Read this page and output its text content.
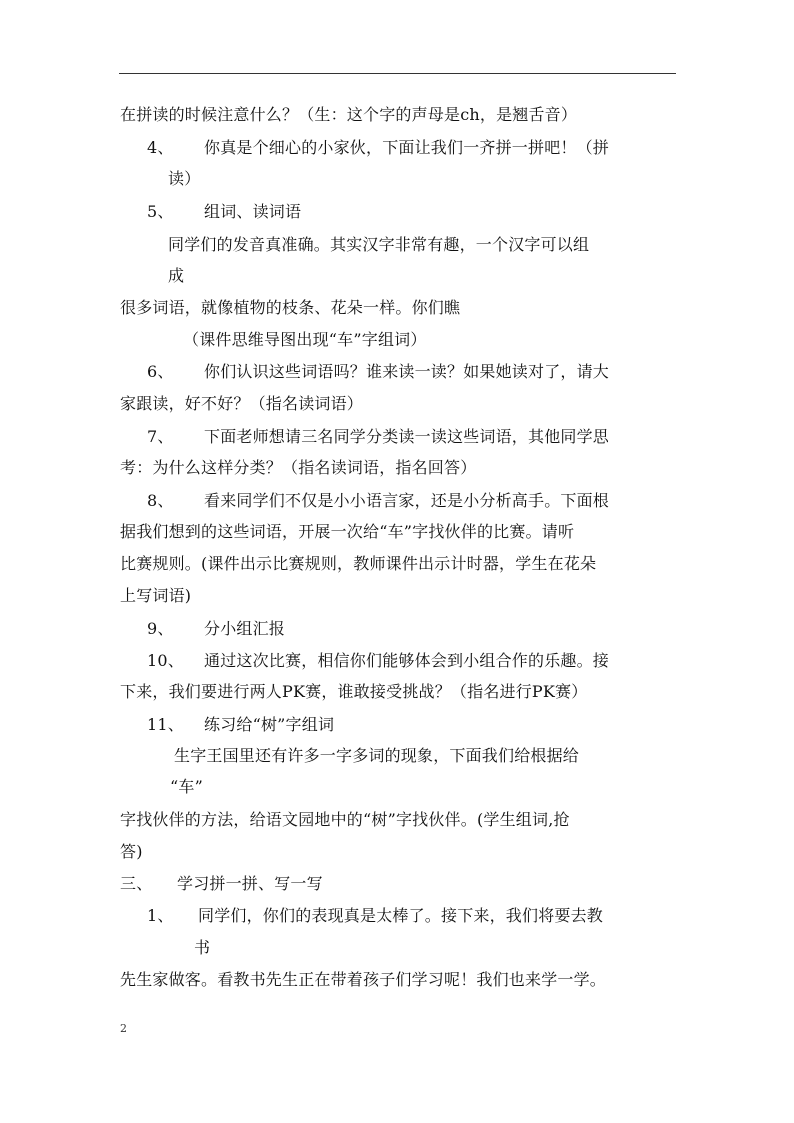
在拼读的时候注意什么？（生：这个字的声母是ch，是翘舌音）
4、 你真是个细心的小家伙，下面让我们一齐拼一拼吧！（拼
读）
5、 组词、读词语
同学们的发音真准确。其实汉字非常有趣，一个汉字可以组
成
很多词语，就像植物的枝条、花朵一样。你们瞧
（课件思维导图出现“车”字组词）
6、 你们认识这些词语吗？谁来读一读？如果她读对了，请大
家跟读，好不好？（指名读词语）
7、 下面老师想请三名同学分类读一读这些词语，其他同学思
考：为什么这样分类？（指名读词语，指名回答）
8、 看来同学们不仅是小小语言家，还是小分析高手。下面根
据我们想到的这些词语，开展一次给“车”字找伙伴的比赛。请听
比赛规则。(课件出示比赛规则，教师课件出示计时器，学生在花朵
上写词语)
9、 分小组汇报
10、 通过这次比赛，相信你们能够体会到小组合作的乐趣。接
下来，我们要进行两人PK赛，谁敢接受挑战？（指名进行PK赛）
11、 练习给“树”字组词
生字王国里还有许多一字多词的现象，下面我们给根据给
“车”
字找伙伴的方法，给语文园地中的“树”字找伙伴。(学生组词,抢
答)
三、 学习拼一拼、写一写
1、 同学们，你们的表现真是太棒了。接下来，我们将要去教
书
先生家做客。看教书先生正在带着孩子们学习呢！我们也来学一学。
2
